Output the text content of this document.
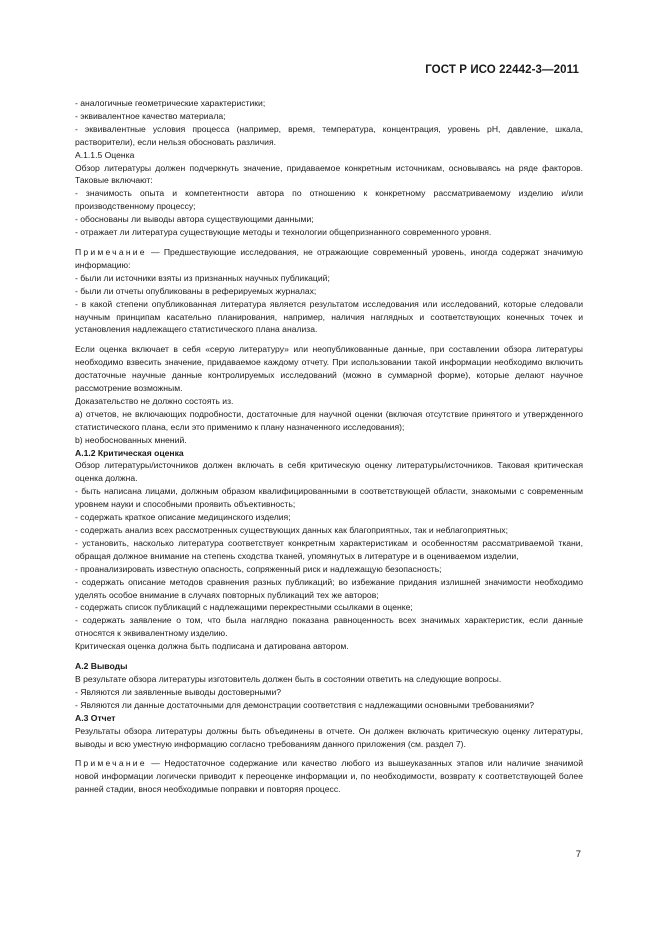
ГОСТ Р ИСО 22442-3—2011

- аналогичные геометрические характеристики;

- эквивалентное качество материала;

- эквивалентные условия процесса (например, время, температура, концентрация, уровень pH, давление, шкала, растворители), если нельзя обосновать различия.

А.1.1.5 Оценка

Обзор литературы должен подчеркнуть значение, придаваемое конкретным источникам, основываясь на ряде факторов. Таковые включают:

- значимость опыта и компетентности автора по отношению к конкретному рассматриваемому изделию и/или производственному процессу;

- обоснованы ли выводы автора существующими данными;

- отражает ли литература существующие методы и технологии общепризнанного современного уровня.

Примечание — Предшествующие исследования, не отражающие современный уровень, иногда содержат значимую информацию:

- были ли источники взяты из признанных научных публикаций;

- были ли отчеты опубликованы в реферируемых журналах;

- в какой степени опубликованная литература является результатом исследования или исследований, которые следовали научным принципам касательно планирования, например, наличия наглядных и соответствующих конечных точек и установления надлежащего статистического плана анализа.

Если оценка включает в себя «серую литературу» или неопубликованные данные, при составлении обзора литературы необходимо взвесить значение, придаваемое каждому отчету. При использовании такой информации необходимо включить достаточные научные данные контролируемых исследований (можно в суммарной форме), которые делают научное рассмотрение возможным.

Доказательство не должно состоять из.

a) отчетов, не включающих подробности, достаточные для научной оценки (включая отсутствие принятого и утвержденного статистического плана, если это применимо к плану назначенного исследования);

b) необоснованных мнений.

А.1.2 Критическая оценка

Обзор литературы/источников должен включать в себя критическую оценку литературы/источников. Таковая критическая оценка должна.

- быть написана лицами, должным образом квалифицированными в соответствующей области, знакомыми с современным уровнем науки и способными проявить объективность;

- содержать краткое описание медицинского изделия;

- содержать анализ всех рассмотренных существующих данных как благоприятных, так и неблагоприятных;

- установить, насколько литература соответствует конкретным характеристикам и особенностям рассматриваемой ткани, обращая должное внимание на степень сходства тканей, упомянутых в литературе и в оцениваемом изделии,

- проанализировать известную опасность, сопряженный риск и надлежащую безопасность;

- содержать описание методов сравнения разных публикаций; во избежание придания излишней значимости необходимо уделять особое внимание в случаях повторных публикаций тех же авторов;

- содержать список публикаций с надлежащими перекрестными ссылками в оценке;

- содержать заявление о том, что была наглядно показана равноценность всех значимых характеристик, если данные относятся к эквивалентному изделию.

Критическая оценка должна быть подписана и датирована автором.

А.2 Выводы

В результате обзора литературы изготовитель должен быть в состоянии ответить на следующие вопросы.

- Являются ли заявленные выводы достоверными?

- Являются ли данные достаточными для демонстрации соответствия с надлежащими основными требованиями?

А.3 Отчет

Результаты обзора литературы должны быть объединены в отчете. Он должен включать критическую оценку литературы, выводы и всю уместную информацию согласно требованиям данного приложения (см. раздел 7).

Примечание — Недостаточное содержание или качество любого из вышеуказанных этапов или наличие значимой новой информации логически приводит к переоценке информации и, по необходимости, возврату к соответствующей более ранней стадии, внося необходимые поправки и повторяя процесс.

7
